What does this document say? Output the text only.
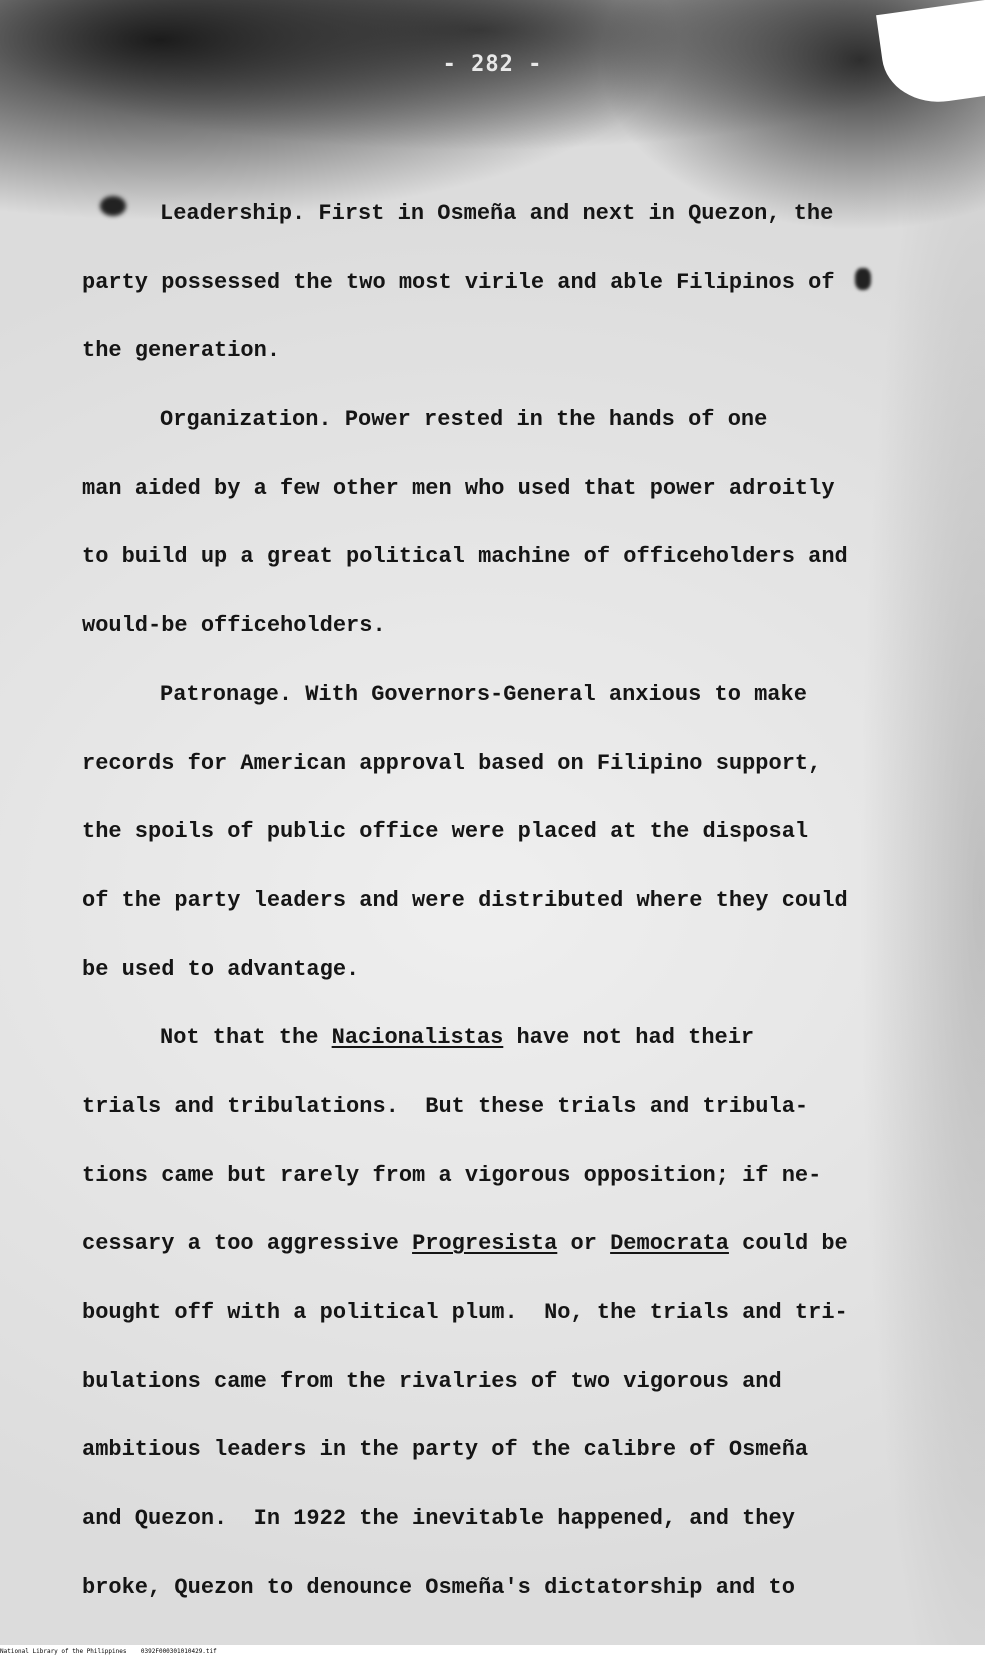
- 282 -
Leadership. First in Osmeña and next in Quezon, the
party possessed the two most virile and able Filipinos of
the generation.
Organization. Power rested in the hands of one
man aided by a few other men who used that power adroitly
to build up a great political machine of officeholders and
would-be officeholders.
Patronage. With Governors-General anxious to make
records for American approval based on Filipino support,
the spoils of public office were placed at the disposal
of the party leaders and were distributed where they could
be used to advantage.
Not that the Nacionalistas have not had their
trials and tribulations.  But these trials and tribula-
tions came but rarely from a vigorous opposition; if ne-
cessary a too aggressive Progresista or Democrata could be
bought off with a political plum.  No, the trials and tri-
bulations came from the rivalries of two vigorous and
ambitious leaders in the party of the calibre of Osmeña
and Quezon.  In 1922 the inevitable happened, and they
broke, Quezon to denounce Osmeña's dictatorship and to
National Library of the Philippines 0392F000301010429.tif
